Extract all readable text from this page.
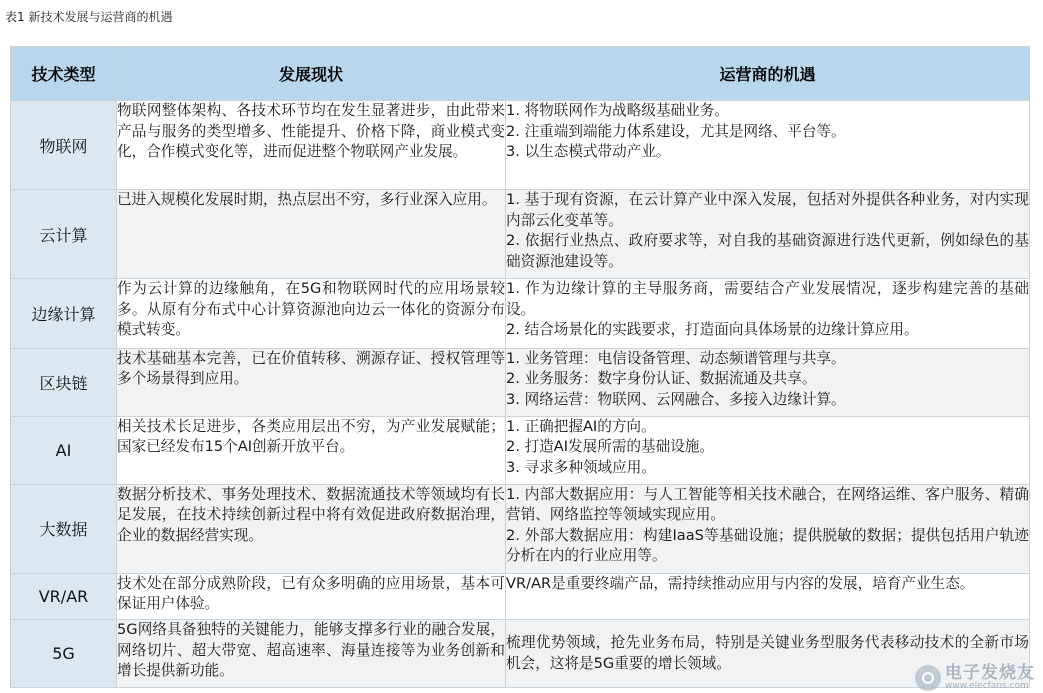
表1 新技术发展与运营商的机遇
技术类型	发展现状	运营商的机遇
物联网	物联网整体架构、各技术环节均在发生显著进步，由此带来产品与服务的类型增多、性能提升、价格下降，商业模式变化，合作模式变化等，进而促进整个物联网产业发展。	1. 将物联网作为战略级基础业务。
2. 注重端到端能力体系建设，尤其是网络、平台等。
3. 以生态模式带动产业。

云计算	已进入规模化发展时期，热点层出不穷，多行业深入应用。	1. 基于现有资源，在云计算产业中深入发展，包括对外提供各种业务，对内实现内部云化变革等。
2. 依据行业热点、政府要求等，对自我的基础资源进行迭代更新，例如绿色的基础资源池建设等。

边缘计算	作为云计算的边缘触角，在5G和物联网时代的应用场景较多。从原有分布式中心计算资源池向边云一体化的资源分布模式转变。	1. 作为边缘计算的主导服务商，需要结合产业发展情况，逐步构建完善的基础设。
2. 结合场景化的实践要求，打造面向具体场景的边缘计算应用。

区块链	技术基础基本完善，已在价值转移、溯源存证、授权管理等多个场景得到应用。	1. 业务管理：电信设备管理、动态频谱管理与共享。
2. 业务服务：数字身份认证、数据流通及共享。
3. 网络运营：物联网、云网融合、多接入边缘计算。

AI	相关技术长足进步，各类应用层出不穷，为产业发展赋能；国家已经发布15个AI创新开放平台。	1. 正确把握AI的方向。
2. 打造AI发展所需的基础设施。
3. 寻求多种领域应用。

大数据	数据分析技术、事务处理技术、数据流通技术等领域均有长足发展，在技术持续创新过程中将有效促进政府数据治理，企业的数据经营实现。	1. 内部大数据应用：与人工智能等相关技术融合，在网络运维、客户服务、精确营销、网络监控等领域实现应用。
2. 外部大数据应用：构建IaaS等基础设施；提供脱敏的数据；提供包括用户轨迹分析在内的行业应用等。

VR/AR	技术处在部分成熟阶段，已有众多明确的应用场景，基本可保证用户体验。	VR/AR是重要终端产品，需持续推动应用与内容的发展，培育产业生态。

5G	5G网络具备独特的关键能力，能够支撑多行业的融合发展，网络切片、超大带宽、超高速率、海量连接等为业务创新和增长提供新功能。	梳理优势领域，抢先业务布局，特别是关键业务型服务代表移动技术的全新市场机会，这将是5G重要的增长领域。	电子发烧友
www.elecfans.com
